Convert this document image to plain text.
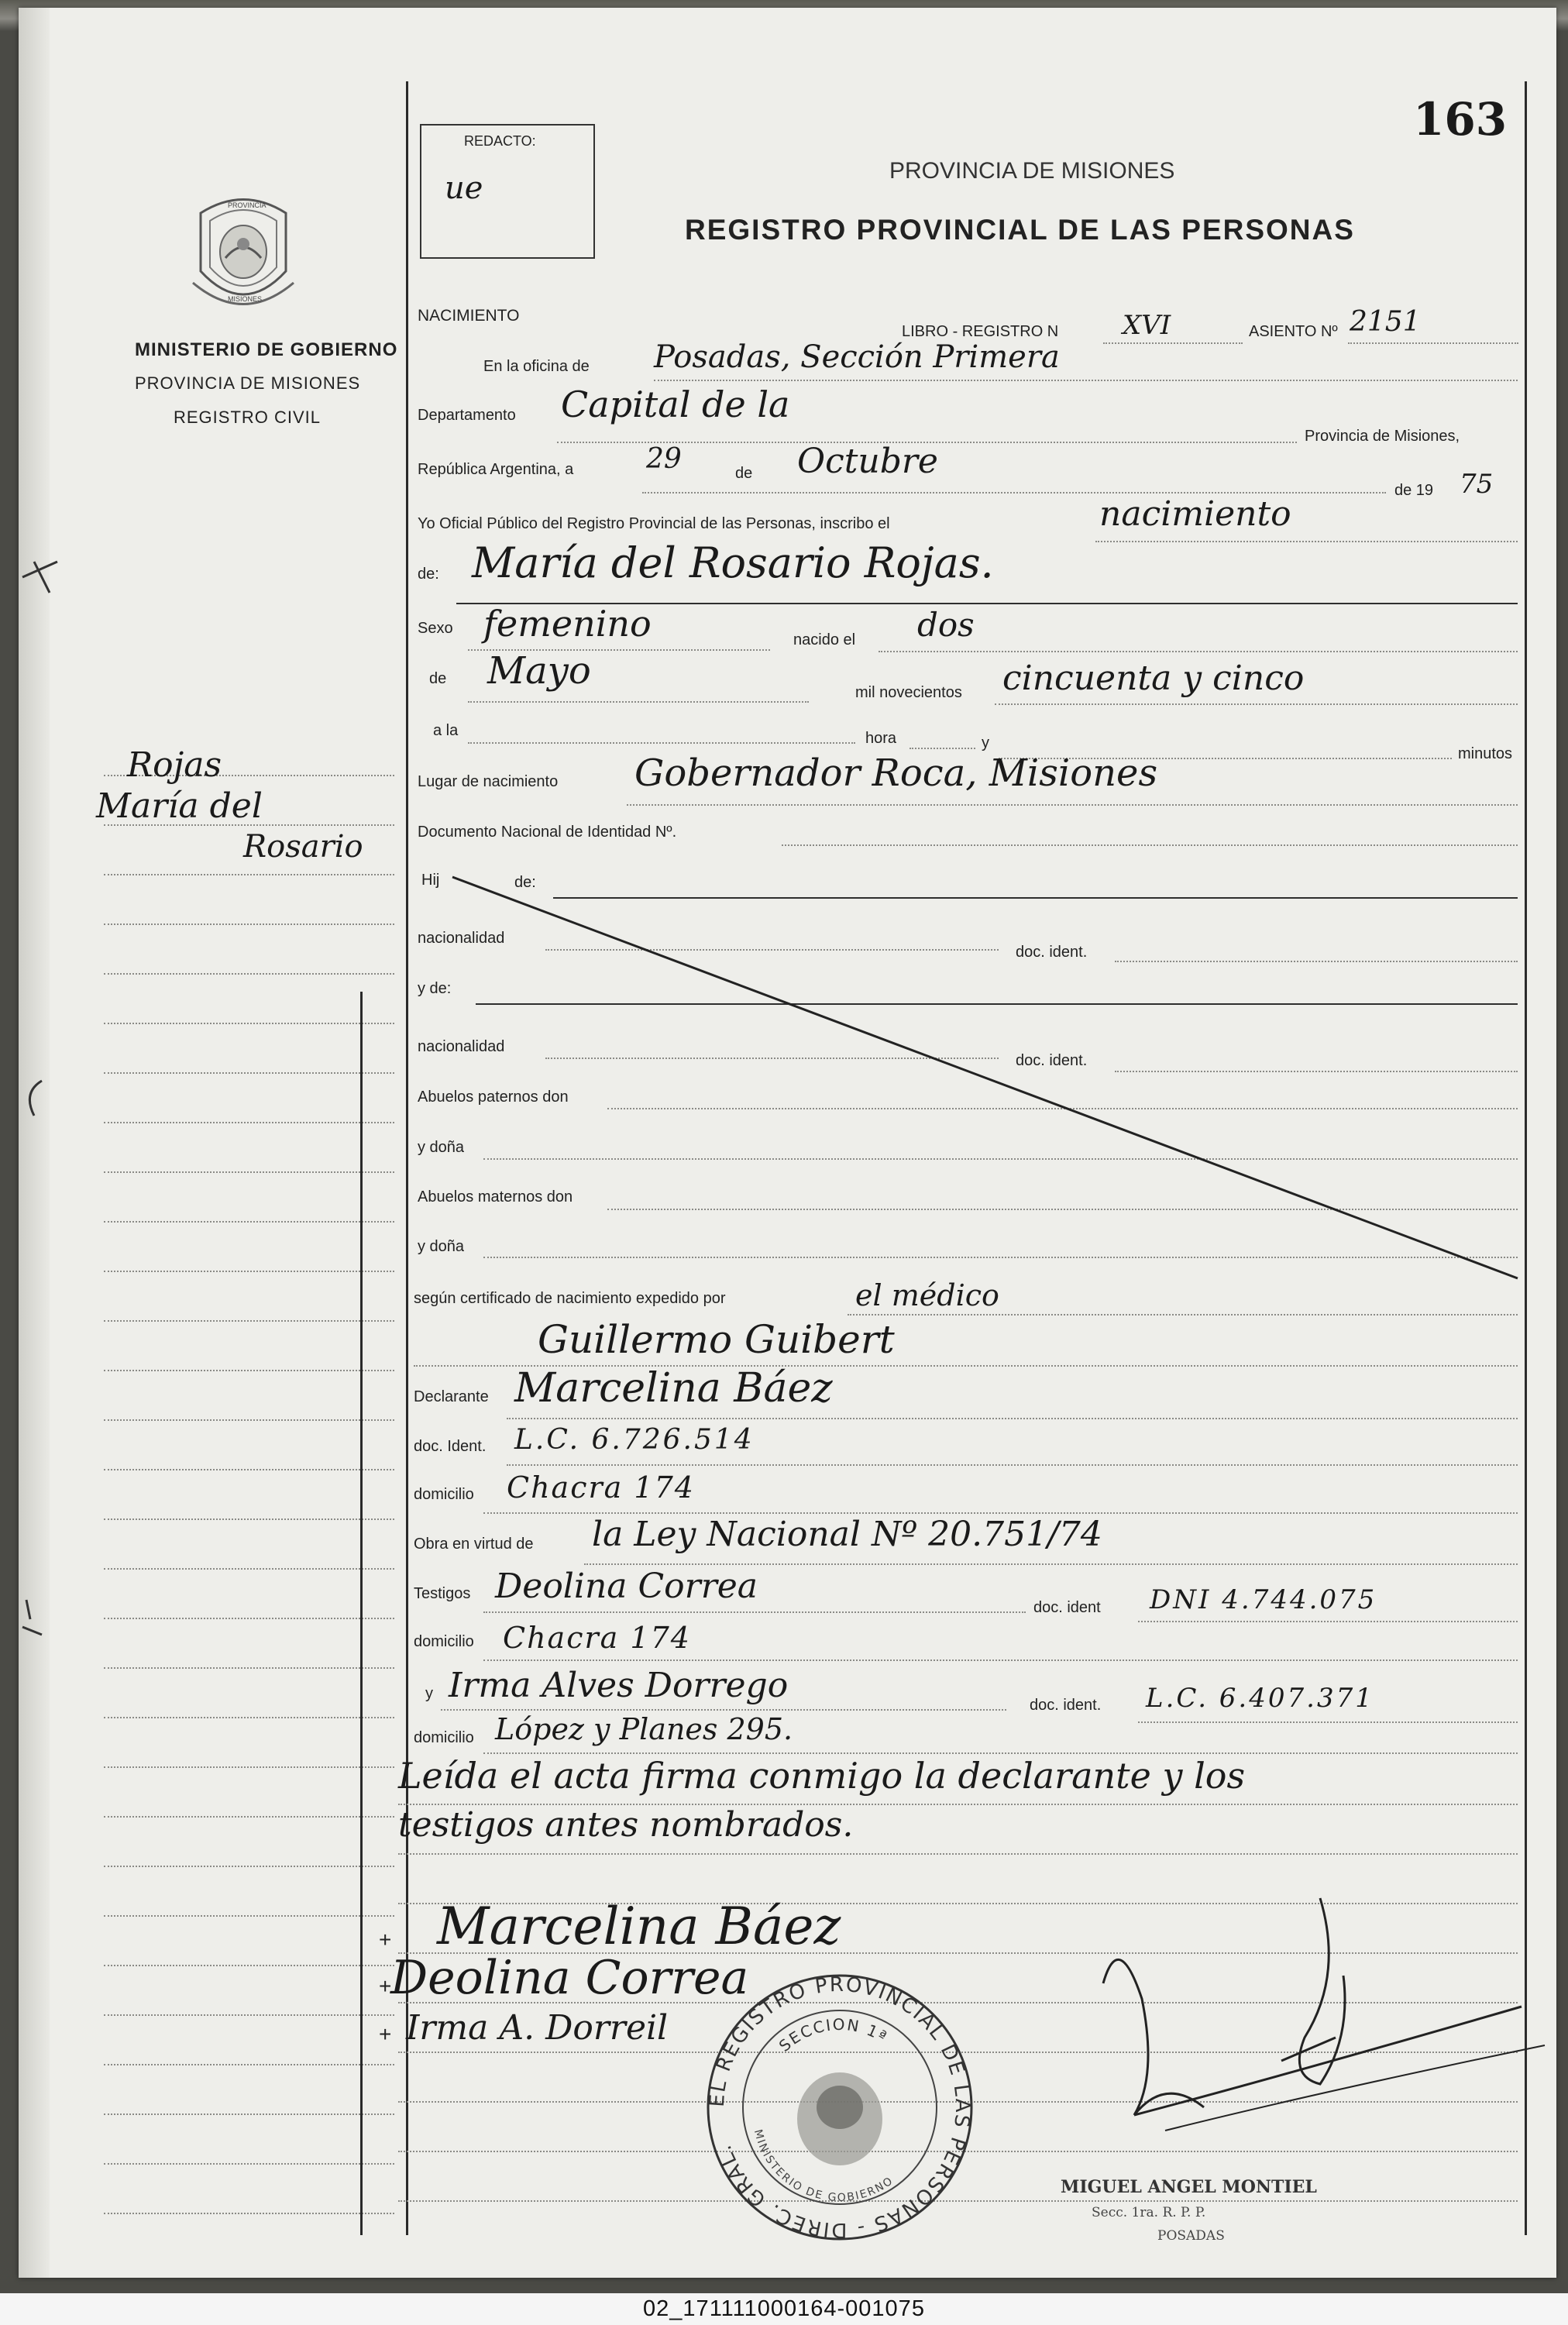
163
REDACTO:
ue	PROVINCIA DE MISIONES
REGISTRO PROVINCIAL DE LAS PERSONAS
PROVINCIA
MISIONES
MINISTERIO DE GOBIERNO
PROVINCIA DE MISIONES
REGISTRO CIVIL
Rojas
María del
Rosario
NACIMIENTO
LIBRO - REGISTRO N XVI	ASIENTO Nº 2151
En la oficina de Posadas, Sección Primera
Departamento Capital de la
Provincia de Misiones,
República Argentina, a	29	de Octubre
de 19 75
Yo Oficial Público del Registro Provincial de las Personas, inscribo el	nacimiento
de: María del Rosario Rojas.
Sexo femenino	nacido el dos
de Mayo	mil novecientos cincuenta y cinco
a la	hora	y
minutos
Lugar de nacimiento Gobernador Roca, Misiones
Documento Nacional de Identidad Nº.
Hij	de:
nacionalidad
doc. ident.
y de:
nacionalidad
doc. ident.
Abuelos paternos don
y doña
Abuelos maternos don
y doña
según certificado de nacimiento expedido por	el médico
Guillermo Guibert
Declarante Marcelina Báez
doc. Ident. L.C. 6.726.514
domicilio Chacra 174
Obra en virtud de la Ley Nacional Nº 20.751/74
Testigos Deolina Correa
doc. ident DNI 4.744.075
domicilio Chacra 174
y Irma Alves Dorrego	doc. ident. L.C. 6.407.371
domicilio López y Planes 295.
Leída el acta firma conmigo la declarante y los
testigos antes nombrados.
+ Marcelina Báez
+
Deolina Correa
+ Irma A. Dorreil
EL REGISTRO PROVINCIAL DE LAS PERSONAS - DIREC. GRAL.
SECCION 1ª
MINISTERIO DE GOBIERNO	MIGUEL ANGEL MONTIEL
Secc. 1ra. R. P. P.
POSADAS
02_171111000164-001075
